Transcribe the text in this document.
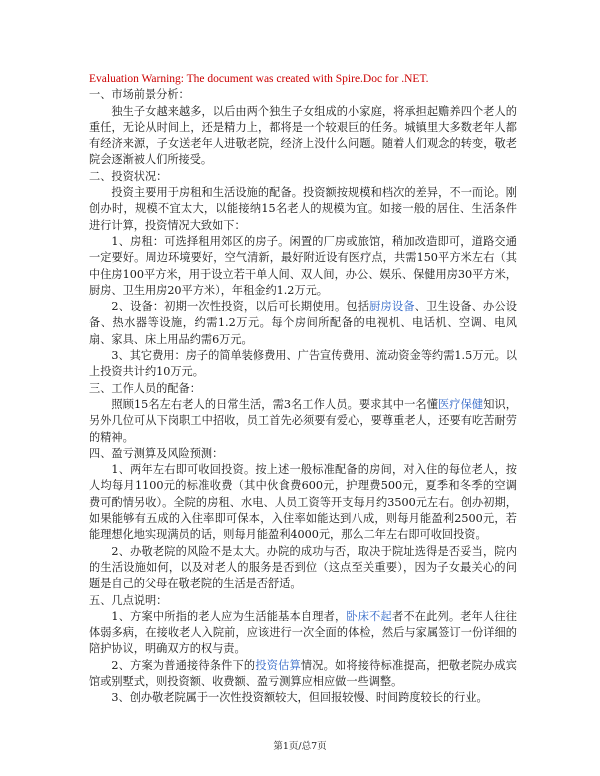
Evaluation Warning: The document was created with Spire.Doc for .NET.

一、市场前景分析：

独生子女越来越多，以后由两个独生子女组成的小家庭，将承担起赡养四个老人的重任，无论从时间上，还是精力上，都将是一个较艰巨的任务。城镇里大多数老年人都有经济来源，子女送老年人进敬老院，经济上没什么问题。随着人们观念的转变，敬老院会逐渐被人们所接受。

二、投资状况：

投资主要用于房租和生活设施的配备。投资额按规模和档次的差异，不一而论。刚创办时，规模不宜太大，以能接纳15名老人的规模为宜。如接一般的居住、生活条件进行计算，投资情况大致如下：

1、房租：可选择租用郊区的房子。闲置的厂房或旅馆，稍加改造即可，道路交通一定要好。周边环境要好，空气清新，最好附近设有医疗点，共需150平方米左右（其中住房100平方米，用于设立若干单人间、双人间，办公、娱乐、保健用房30平方米，厨房、卫生用房20平方米），年租金约1.2万元。

2、设备：初期一次性投资，以后可长期使用。包括厨房设备、卫生设备、办公设备、热水器等设施，约需1.2万元。每个房间所配备的电视机、电话机、空调、电风扇、家具、床上用品约需6万元。

3、其它费用：房子的简单装修费用、广告宣传费用、流动资金等约需1.5万元。以上投资共计约10万元。

三、工作人员的配备：

照顾15名左右老人的日常生活，需3名工作人员。要求其中一名懂医疗保健知识，另外几位可从下岗职工中招收，员工首先必须要有爱心，要尊重老人，还要有吃苦耐劳的精神。

四、盈亏测算及风险预测：

1、两年左右即可收回投资。按上述一般标准配备的房间，对入住的每位老人，按人均每月1100元的标准收费（其中伙食费600元，护理费500元，夏季和冬季的空调费可酌情另收）。全院的房租、水电、人员工资等开支每月约3500元左右。创办初期，如果能够有五成的入住率即可保本，入住率如能达到八成，则每月能盈利2500元，若能理想化地实现满员的话，则每月能盈利4000元，那么二年左右即可收回投资。

2、办敬老院的风险不是太大。办院的成功与否，取决于院址选得是否妥当，院内的生活设施如何，以及对老人的服务是否到位（这点至关重要），因为子女最关心的问题是自己的父母在敬老院的生活是否舒适。

五、几点说明：

1、方案中所指的老人应为生活能基本自理者，卧床不起者不在此列。老年人往往体弱多病，在接收老人入院前，应该进行一次全面的体检，然后与家属签订一份详细的陪护协议，明确双方的权与责。

2、方案为普通接待条件下的投资估算情况。如将接待标准提高，把敬老院办成宾馆或别墅式，则投资额、收费额、盈亏测算应相应做一些调整。

3、创办敬老院属于一次性投资额较大，但回报较慢、时间跨度较长的行业。

第1页/总7页
